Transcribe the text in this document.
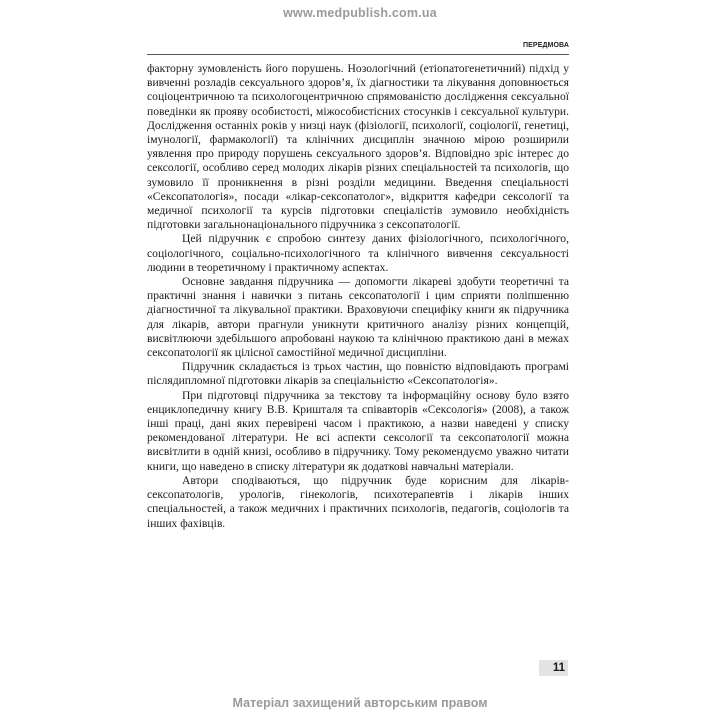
www.medpublish.com.ua
ПЕРЕДМОВА

факторну зумовленість його порушень. Нозологічний (етіопатогенетичний) підхід у вивченні розладів сексуального здоров’я, їх діагностики та лікування доповнюється соціоцентричною та психологоцентричною спрямованістю дослідження сексуальної поведінки як прояву особистості, міжособистісних стосунків і сексуальної культури. Дослідження останніх років у низці наук (фізіології, психології, соціології, генетиці, імунології, фармакології) та клінічних дисциплін значною мірою розширили уявлення про природу порушень сексуального здоров’я. Відповідно зріс інтерес до сексології, особливо серед молодих лікарів різних спеціальностей та психологів, що зумовило її проникнення в різні розділи медицини. Введення спеціальності «Сексопатологія», посади «лікар-сексопатолог», відкриття кафедри сексології та медичної психології та курсів підготовки спеціалістів зумовило необхідність підготовки загальнонаціонального підручника з сексопатології.

Цей підручник є спробою синтезу даних фізіологічного, психологічного, соціологічного, соціально-психологічного та клінічного вивчення сексуальності людини в теоретичному і практичному аспектах.

Основне завдання підручника — допомогти лікареві здобути теоретичні та практичні знання і навички з питань сексопатології і цим сприяти поліпшенню діагностичної та лікувальної практики. Враховуючи специфіку книги як підручника для лікарів, автори прагнули уникнути критичного аналізу різних концепцій, висвітлюючи здебільшого апробовані наукою та клінічною практикою дані в межах сексопатології як цілісної самостійної медичної дисципліни.

Підручник складається із трьох частин, що повністю відповідають програмі післядипломної підготовки лікарів за спеціальністю «Сексопатологія».

При підготовці підручника за текстову та інформаційну основу було взято енциклопедичну книгу В.В. Кришталя та співавторів «Сексологія» (2008), а також інші праці, дані яких перевірені часом і практикою, а назви наведені у списку рекомендованої літератури. Не всі аспекти сексології та сексопатології можна висвітлити в одній книзі, особливо в підручнику. Тому рекомендуємо уважно читати книги, що наведено в списку літератури як додаткові навчальні матеріали.

Автори сподіваються, що підручник буде корисним для лікарів-сексопатологів, урологів, гінекологів, психотерапевтів і лікарів інших спеціальностей, а також медичних і практичних психологів, педагогів, соціологів та інших фахівців.

11
Матеріал захищений авторським правом
